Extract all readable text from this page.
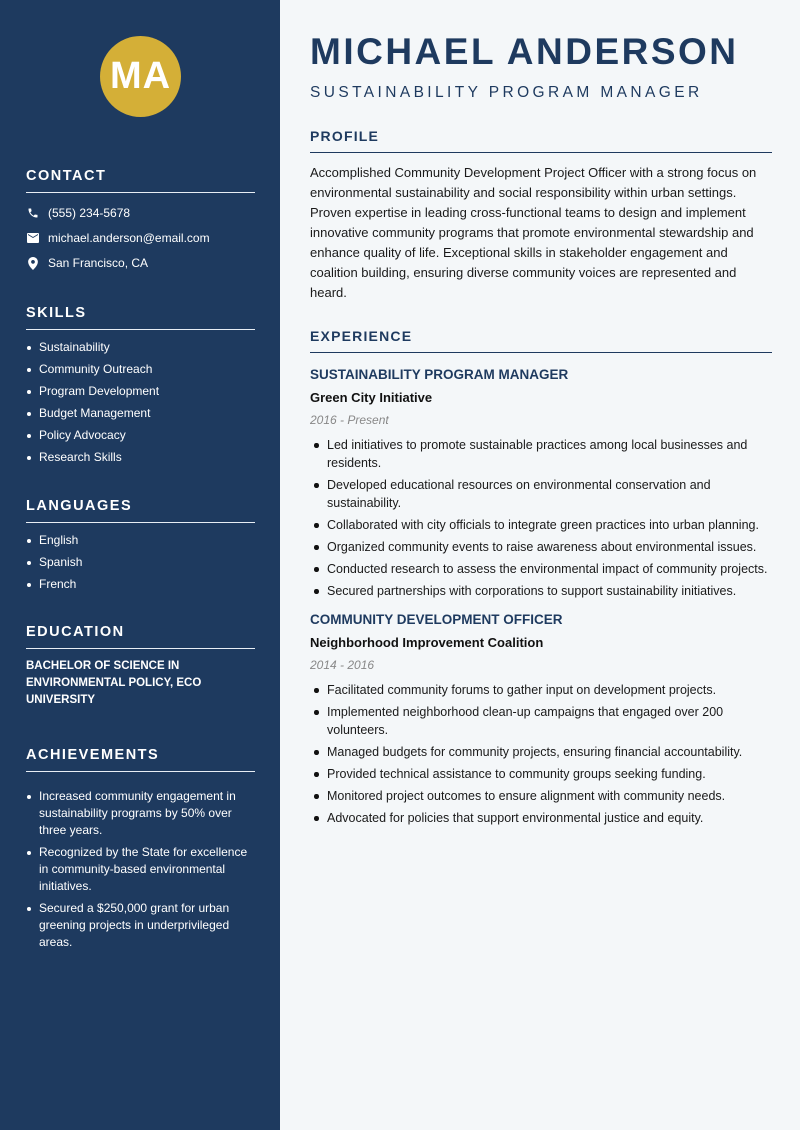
MA
CONTACT
(555) 234-5678
michael.anderson@email.com
San Francisco, CA
SKILLS
Sustainability
Community Outreach
Program Development
Budget Management
Policy Advocacy
Research Skills
LANGUAGES
English
Spanish
French
EDUCATION
BACHELOR OF SCIENCE IN ENVIRONMENTAL POLICY, ECO UNIVERSITY
ACHIEVEMENTS
Increased community engagement in sustainability programs by 50% over three years.
Recognized by the State for excellence in community-based environmental initiatives.
Secured a $250,000 grant for urban greening projects in underprivileged areas.
MICHAEL ANDERSON
SUSTAINABILITY PROGRAM MANAGER
PROFILE

Accomplished Community Development Project Officer with a strong focus on environmental sustainability and social responsibility within urban settings. Proven expertise in leading cross-functional teams to design and implement innovative community programs that promote environmental stewardship and enhance quality of life. Exceptional skills in stakeholder engagement and coalition building, ensuring diverse community voices are represented and heard.

EXPERIENCE
SUSTAINABILITY PROGRAM MANAGER
Green City Initiative
2016 - Present
Led initiatives to promote sustainable practices among local businesses and residents.
Developed educational resources on environmental conservation and sustainability.
Collaborated with city officials to integrate green practices into urban planning.
Organized community events to raise awareness about environmental issues.
Conducted research to assess the environmental impact of community projects.
Secured partnerships with corporations to support sustainability initiatives.
COMMUNITY DEVELOPMENT OFFICER
Neighborhood Improvement Coalition
2014 - 2016
Facilitated community forums to gather input on development projects.
Implemented neighborhood clean-up campaigns that engaged over 200 volunteers.
Managed budgets for community projects, ensuring financial accountability.
Provided technical assistance to community groups seeking funding.
Monitored project outcomes to ensure alignment with community needs.
Advocated for policies that support environmental justice and equity.
